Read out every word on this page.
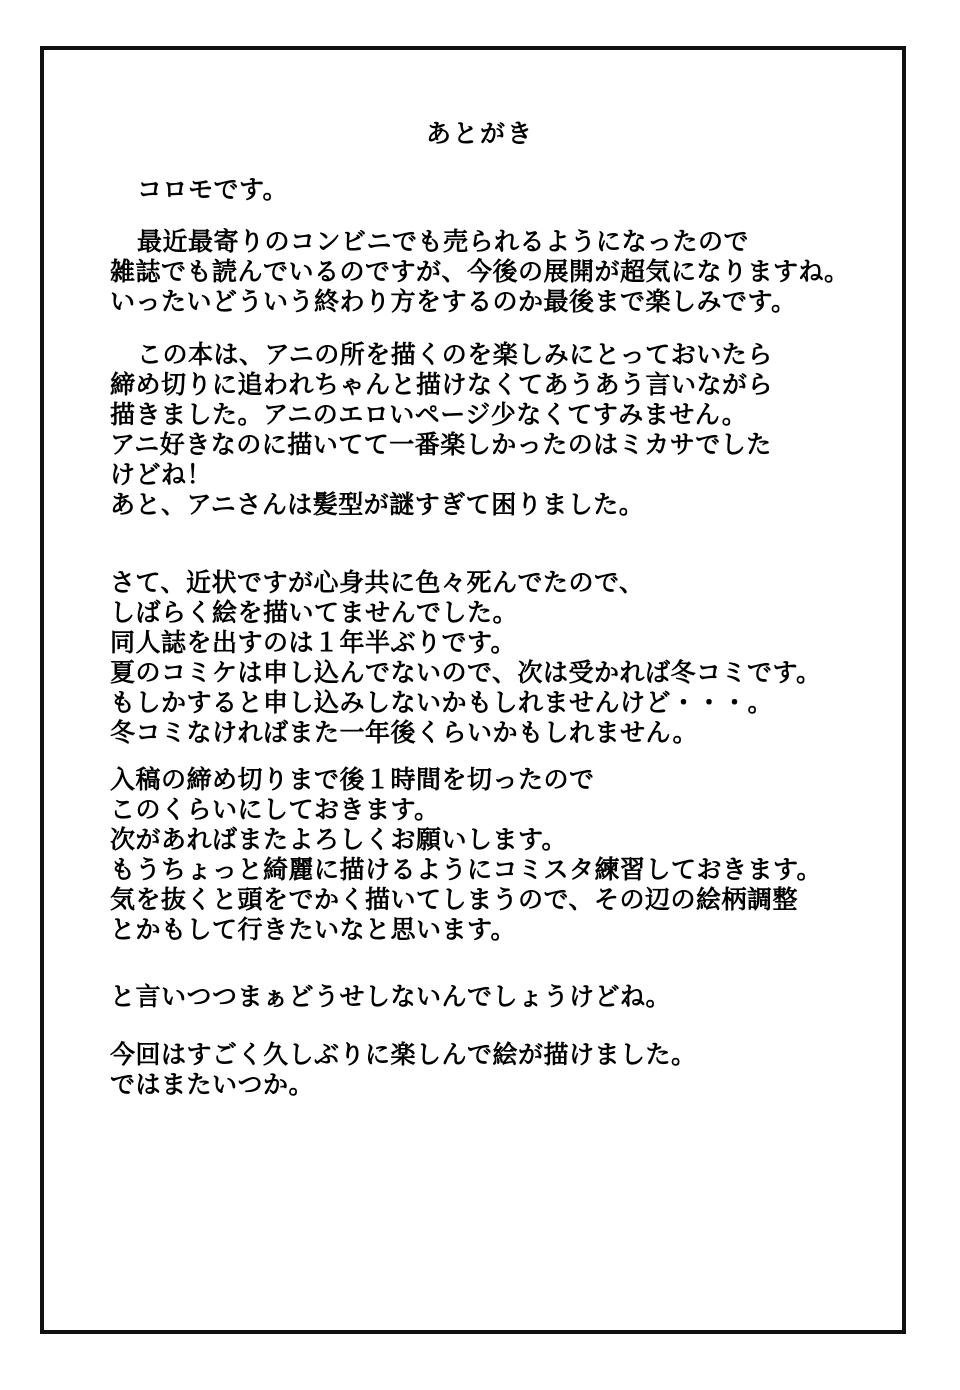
あとがき
コロモです。
最近最寄りのコンビニでも売られるようになったので
雑誌でも読んでいるのですが、今後の展開が超気になりますね。
いったいどういう終わり方をするのか最後まで楽しみです。
この本は、アニの所を描くのを楽しみにとっておいたら
締め切りに追われちゃんと描けなくてあうあう言いながら
描きました。アニのエロいページ少なくてすみません。
アニ好きなのに描いてて一番楽しかったのはミカサでした
けどね！
あと、アニさんは髪型が謎すぎて困りました。
さて、近状ですが心身共に色々死んでたので、
しばらく絵を描いてませんでした。
同人誌を出すのは１年半ぶりです。
夏のコミケは申し込んでないので、次は受かれば冬コミです。
もしかすると申し込みしないかもしれませんけど・・・。
冬コミなければまた一年後くらいかもしれません。
入稿の締め切りまで後１時間を切ったので
このくらいにしておきます。
次があればまたよろしくお願いします。
もうちょっと綺麗に描けるようにコミスタ練習しておきます。
気を抜くと頭をでかく描いてしまうので、その辺の絵柄調整
とかもして行きたいなと思います。
と言いつつまぁどうせしないんでしょうけどね。
今回はすごく久しぶりに楽しんで絵が描けました。
ではまたいつか。
